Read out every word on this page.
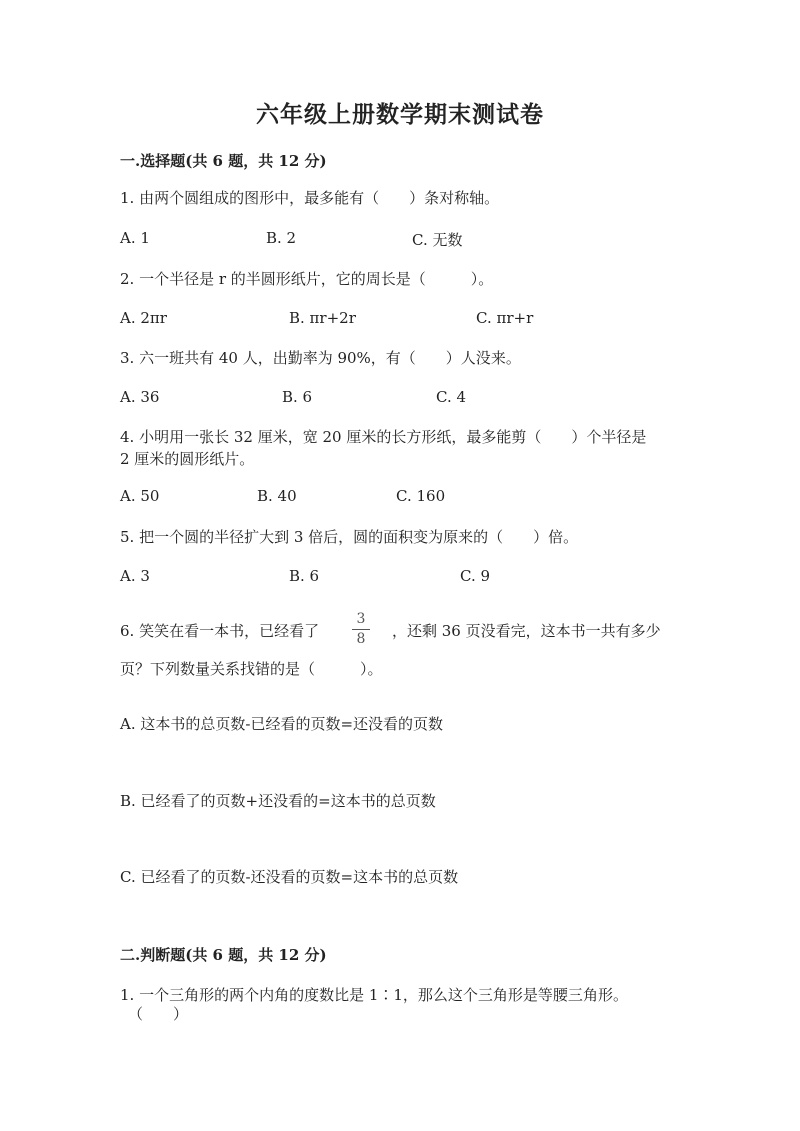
六年级上册数学期末测试卷
一.选择题(共 6 题，共 12 分)
1. 由两个圆组成的图形中，最多能有（　　）条对称轴。
A. 1	B. 2	C. 无数
2. 一个半径是 r 的半圆形纸片，它的周长是（　　　）。
A. 2πr	B. πr+2r	C. πr+r
3. 六一班共有 40 人，出勤率为 90%，有（　　）人没来。
A. 36	B. 6	C. 4
4. 小明用一张长 32 厘米，宽 20 厘米的长方形纸，最多能剪（　　）个半径是
2 厘米的圆形纸片。
A. 50	B. 40	C. 160
5. 把一个圆的半径扩大到 3 倍后，圆的面积变为原来的（　　）倍。
A. 3	B. 6	C. 9
6. 笑笑在看一本书，已经看了
3
8	，还剩 36 页没看完，这本书一共有多少
页？下列数量关系找错的是（　　　）。
A. 这本书的总页数-已经看的页数=还没看的页数
B. 已经看了的页数+还没看的=这本书的总页数
C. 已经看了的页数-还没看的页数=这本书的总页数
二.判断题(共 6 题，共 12 分)
1. 一个三角形的两个内角的度数比是 1∶1，那么这个三角形是等腰三角形。
（　　）
